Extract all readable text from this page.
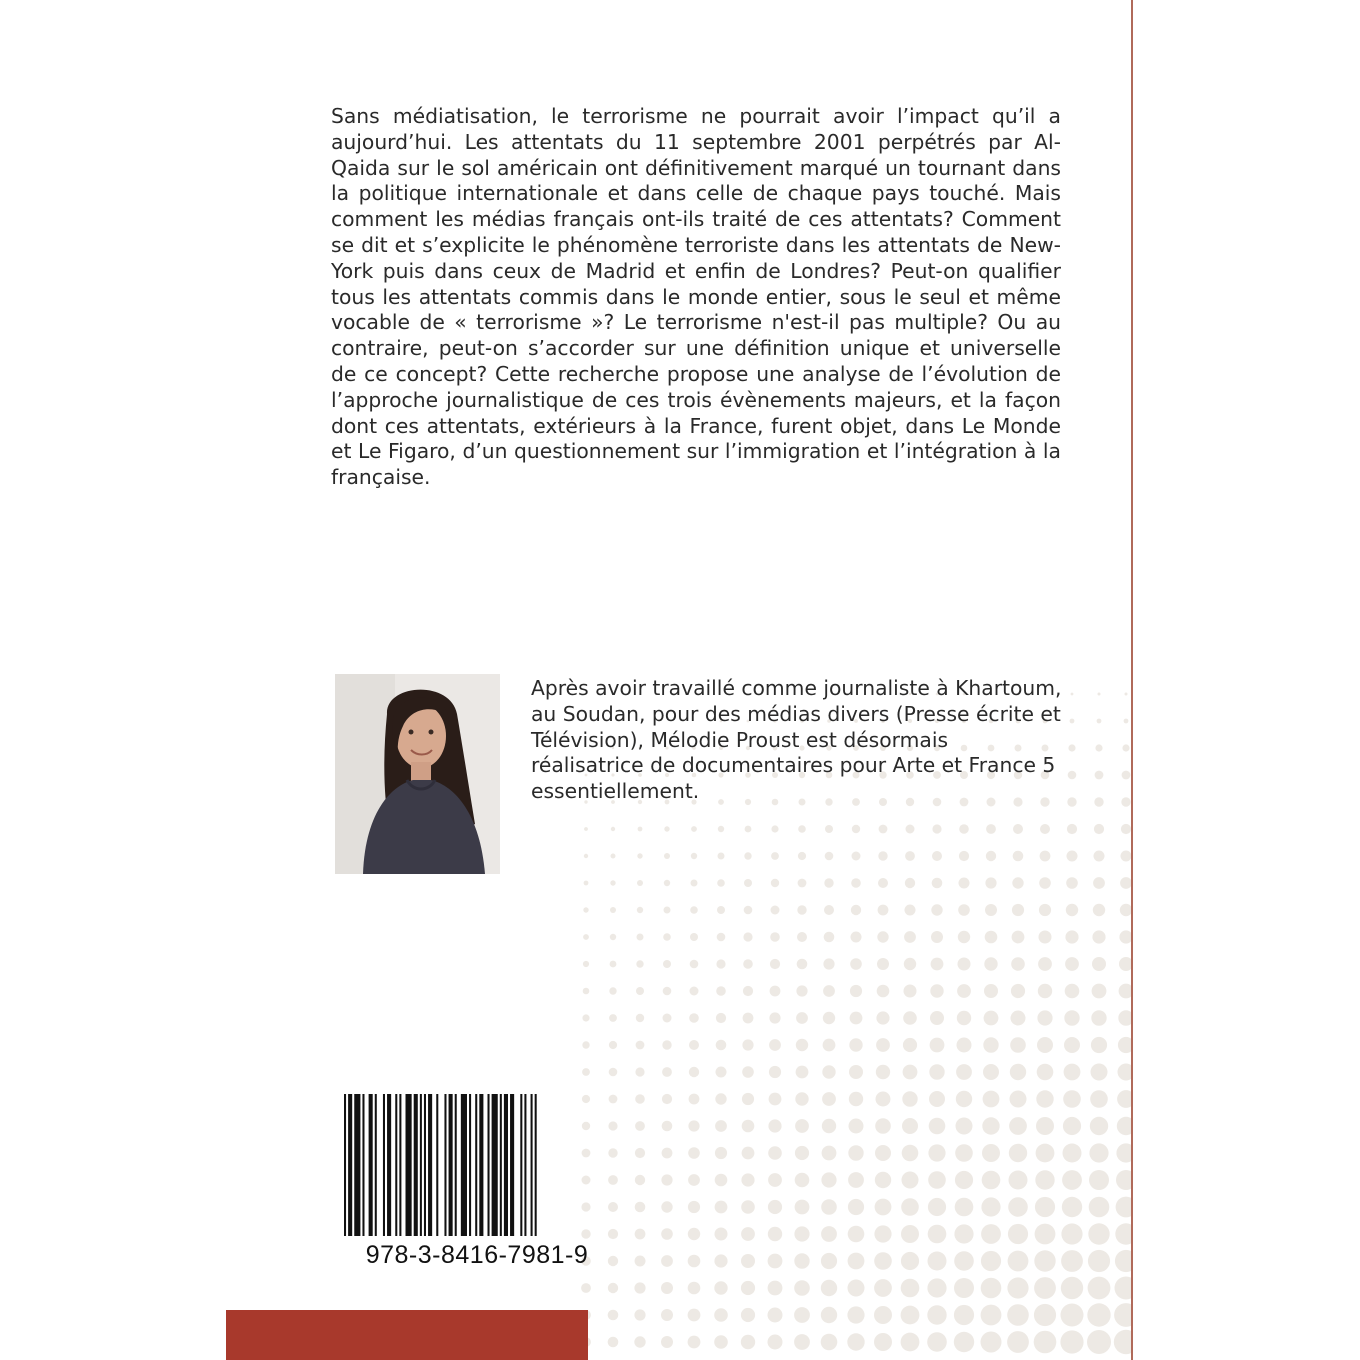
Sans médiatisation, le terrorisme ne pourrait avoir l’impact qu’il a aujourd’hui. Les attentats du 11 septembre 2001 perpétrés par Al-Qaida sur le sol américain ont définitivement marqué un tournant dans la politique internationale et dans celle de chaque pays touché. Mais comment les médias français ont-ils traité de ces attentats? Comment se dit et s’explicite le phénomène terroriste dans les attentats de New-York puis dans ceux de Madrid et enfin de Londres? Peut-on qualifier tous les attentats commis dans le monde entier, sous le seul et même vocable de « terrorisme »? Le terrorisme n'est-il pas multiple? Ou au contraire, peut-on s’accorder sur une définition unique et universelle de ce concept? Cette recherche propose une analyse de l’évolution de l’approche journalistique de ces trois évènements majeurs, et la façon dont ces attentats, extérieurs à la France, furent objet, dans Le Monde et Le Figaro, d’un questionnement sur l’immigration et l’intégration à la française.

Après avoir travaillé comme journaliste à Khartoum,
au Soudan, pour des médias divers (Presse écrite et
Télévision), Mélodie Proust est désormais
réalisatrice de documentaires pour Arte et France 5
essentiellement.
978-3-8416-7981-9
